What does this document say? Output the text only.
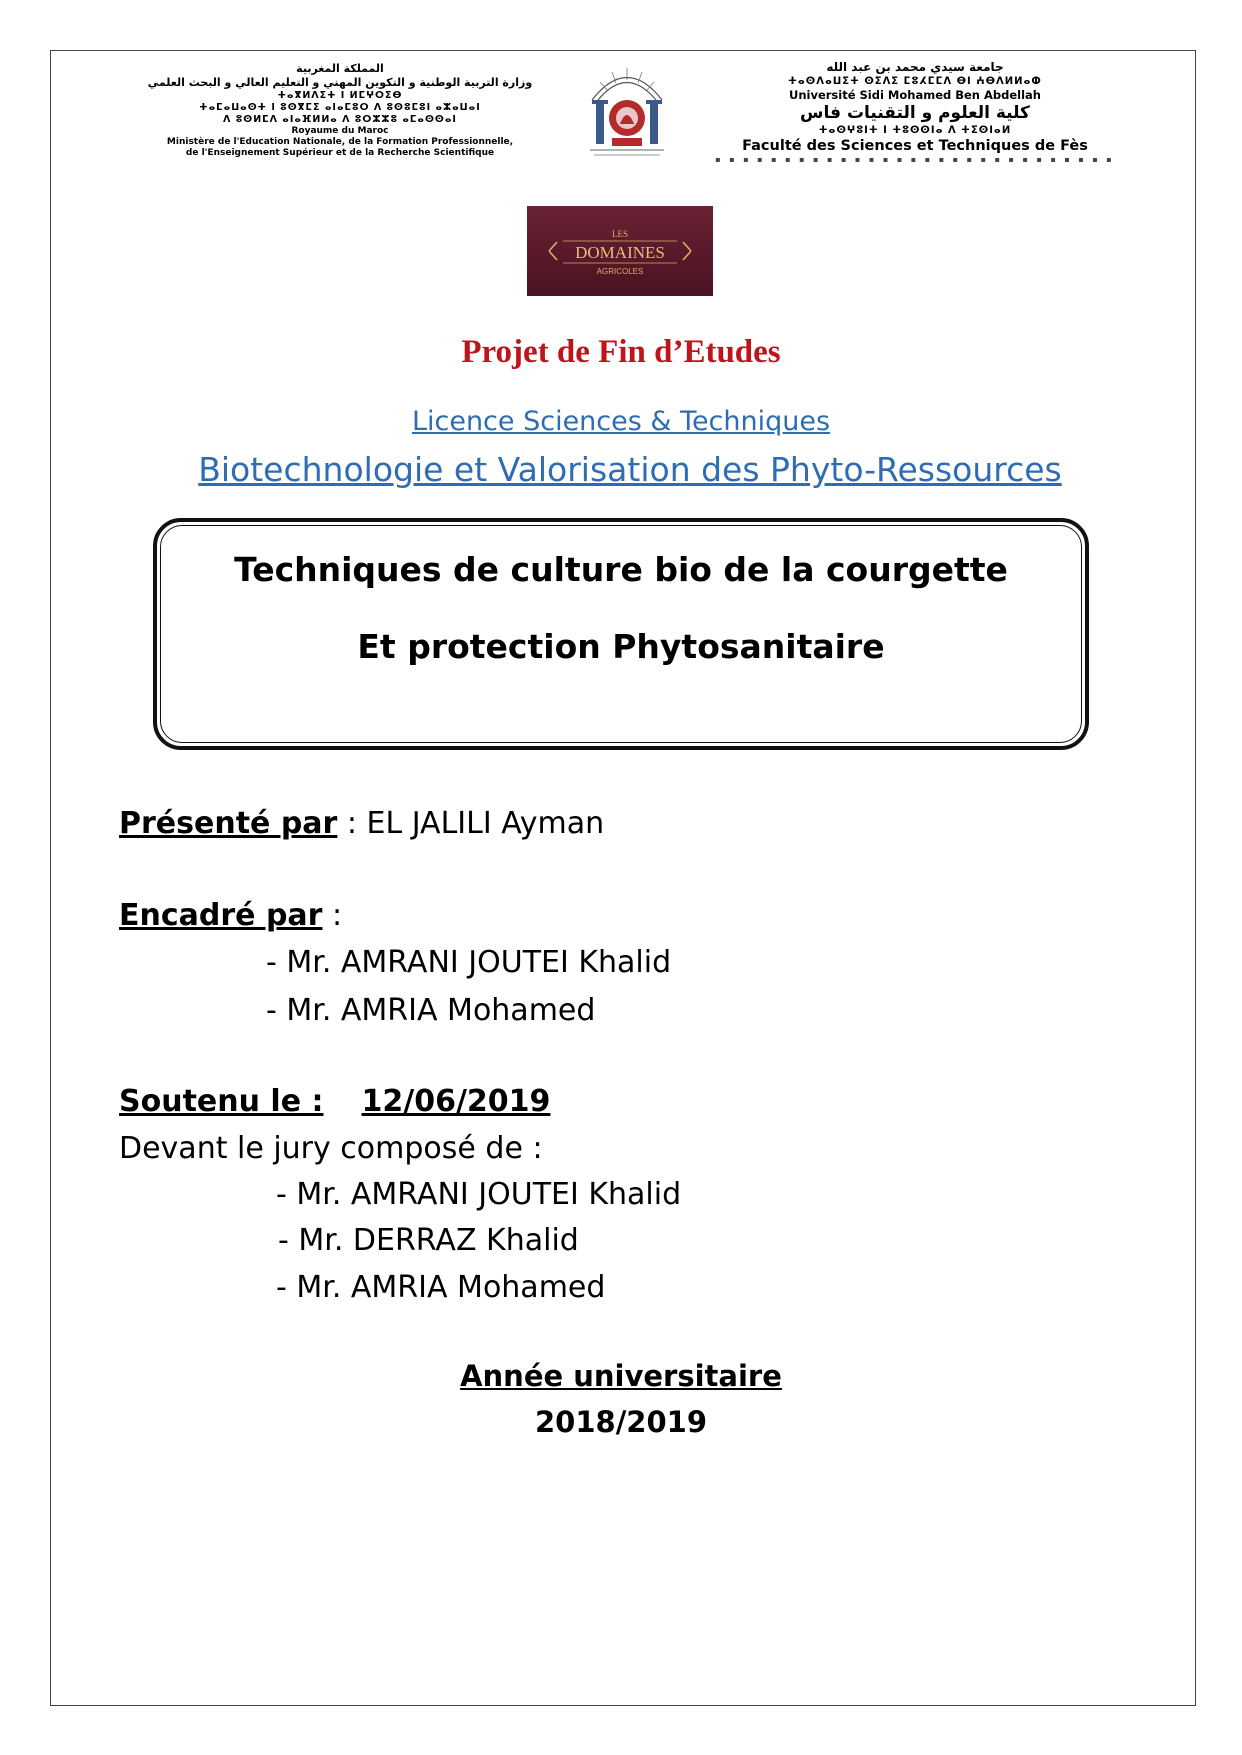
المملكة المغربية
وزارة التربية الوطنية و التكوين المهني و التعليم العالي و البحث العلمي
ⵜⴰⴳⵍⴷⵉⵜ ⵏ ⵍⵎⵖⵔⵉⴱ
ⵜⴰⵎⴰⵡⴰⵙⵜ ⵏ ⵓⵙⴳⵎⵉ ⴰⵏⴰⵎⵓⵔ ⴷ ⵓⵙⵓⵎⵓⵏ ⴰⵣⴰⵡⴰⵏ
ⴷ ⵓⵙⵍⵎⴷ ⴰⵏⴰⴼⵍⵍⴰ ⴷ ⵓⵔⵣⵣⵓ ⴰⵎⴰⵙⵙⴰⵏ
Royaume du Maroc
Ministère de l'Education Nationale, de la Formation Professionnelle,
de l'Enseignement Supérieur et de la Recherche Scientifique
جامعة سيدي محمد بن عبد الله
ⵜⴰⵙⴷⴰⵡⵉⵜ ⵙⵉⴷⵉ ⵎⵓⵃⵎⵎⴷ ⴱⵏ ⵄⴱⴷⵍⵍⴰⵀ
Université Sidi Mohamed Ben Abdellah
كلية العلوم و التقنيات فاس
ⵜⴰⵙⵖⵓⵏⵜ ⵏ ⵜⵓⵙⵙⵏⴰ ⴷ ⵜⵉⵙⵏⴰⵍ
Faculté des Sciences et Techniques de Fès
▪ ▪ ▪ ▪ ▪ ▪ ▪ ▪ ▪ ▪ ▪ ▪ ▪ ▪ ▪ ▪ ▪ ▪ ▪ ▪ ▪ ▪ ▪ ▪ ▪ ▪ ▪ ▪ ▪
LES
DOMAINES
AGRICOLES
Projet de Fin d’Etudes
Licence Sciences & Techniques
Biotechnologie et Valorisation des Phyto-Ressources
Techniques de culture bio de la courgette
Et protection Phytosanitaire
Présenté par : EL JALILI Ayman
Encadré par :
- Mr. AMRANI JOUTEI Khalid
- Mr. AMRIA Mohamed
Soutenu le : 12/06/2019
Devant le jury composé de :
- Mr. AMRANI JOUTEI Khalid
- Mr. DERRAZ Khalid
- Mr. AMRIA Mohamed
Année universitaire
2018/2019
